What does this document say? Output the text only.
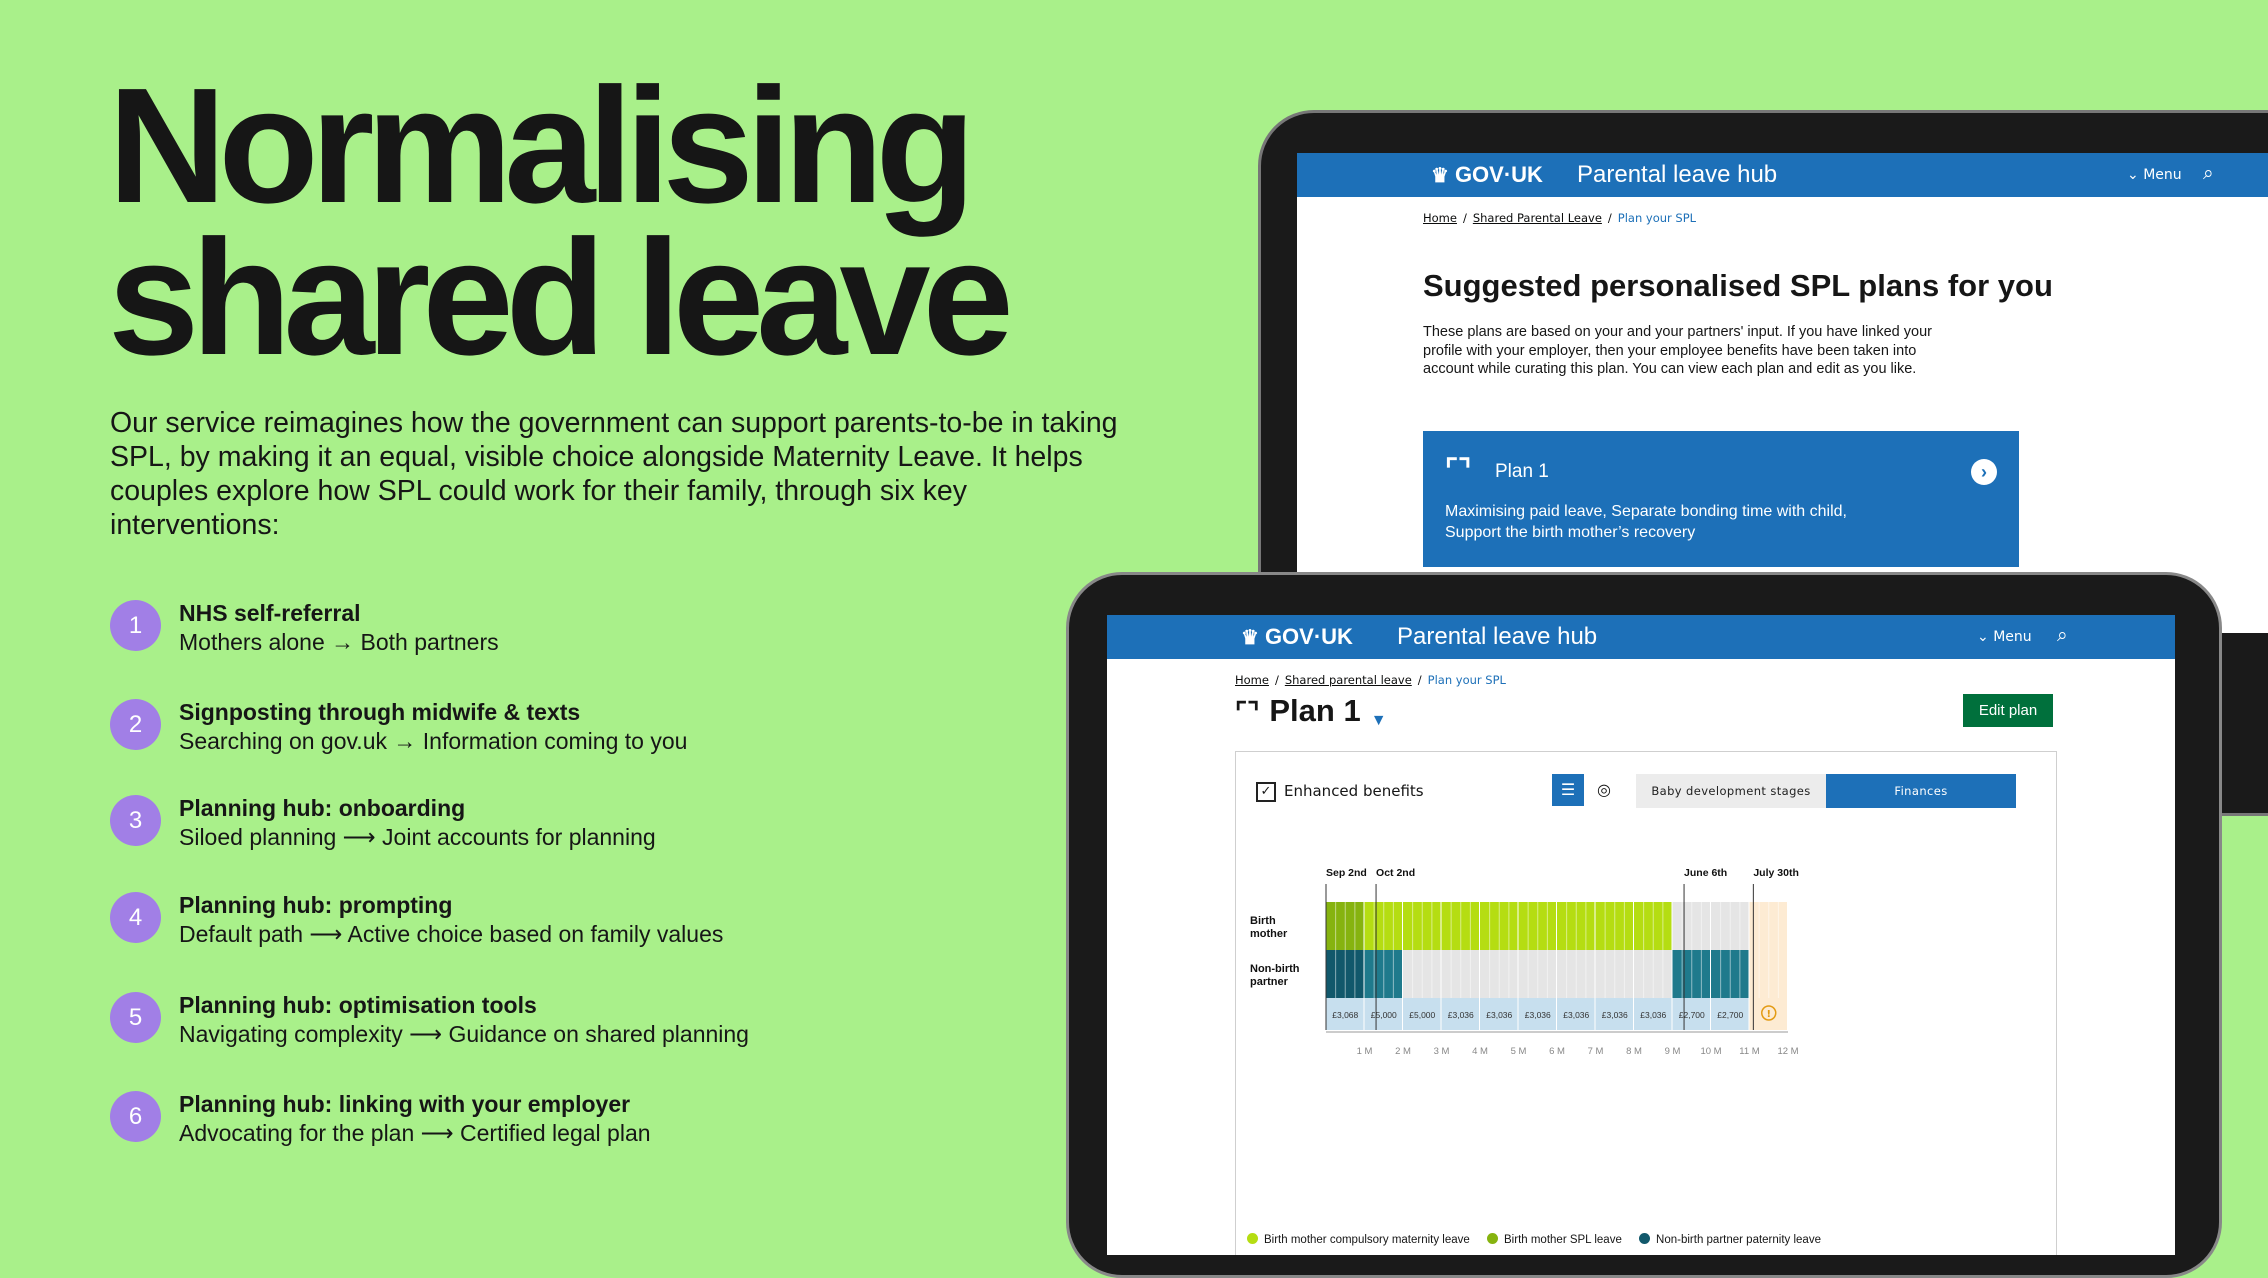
Normalising
shared leave

Our service reimagines how the government can support parents-to-be in taking SPL, by making it an equal, visible choice alongside Maternity Leave. It helps couples explore how SPL could work for their family, through six key interventions:

1	NHS self-referral
Mothers alone → Both partners
2	Signposting through midwife & texts
Searching on gov.uk → Information coming to you
3	Planning hub: onboarding
Siloed planning ⟶ Joint accounts for planning
4	Planning hub: prompting
Default path ⟶ Active choice based on family values
5	Planning hub: optimisation tools
Navigating complexity ⟶ Guidance on shared planning
6	Planning hub: linking with your employer
Advocating for the plan ⟶ Certified legal plan
♛ GOV·UK Parental leave hub	⌄ Menu ⌕
Home / Shared Parental Leave / Plan your SPL
Suggested personalised SPL plans for you
These plans are based on your and your partners' input. If you have linked your profile with your employer, then your employee benefits have been taken into account while curating this plan. You can view each plan and edit as you like.
⌜⌝ Plan 1	›
Maximising paid leave, Separate bonding time with child, Support the birth mother’s recovery
♛ GOV·UK Parental leave hub	⌄ Menu ⌕
Home / Shared parental leave / Plan your SPL
⌜⌝ Plan 1 ▼
Edit plan
✓ Enhanced benefits	☰	◎	Baby development stages	Finances
Birth
mother
Non-birth
partner
£3,068 £5,000 £5,000 £3,036 £3,036 £3,036 £3,036 £3,036 £3,036 £2,700 £2,700 !
1 M 2 M 3 M 4 M 5 M 6 M 7 M 8 M 9 M 10 M 11 M 12 M
Sep 2nd Oct 2nd	June 6th July 30th
Birth mother compulsory maternity leave	Birth mother SPL leave	Non-birth partner paternity leave
